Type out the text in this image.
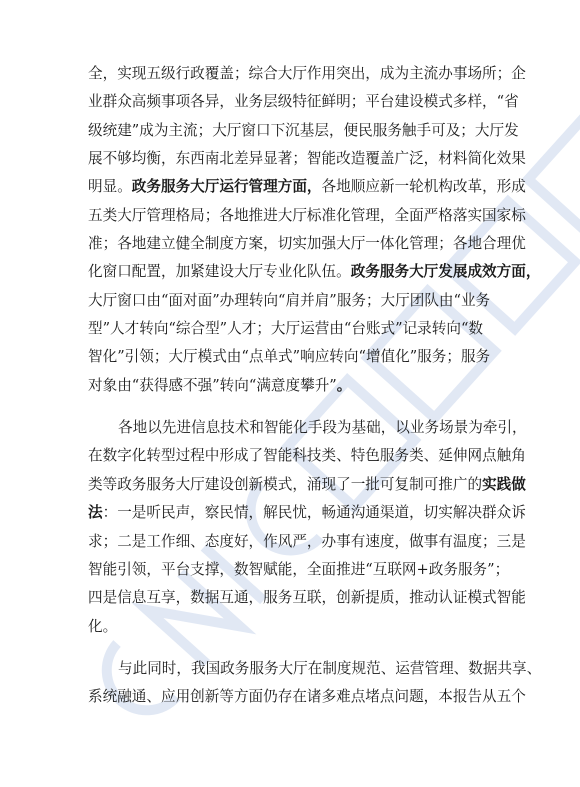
全，实现五级行政覆盖；综合大厅作用突出，成为主流办事场所；企
业群众高频事项各异，业务层级特征鲜明；平台建设模式多样，“省
级统建”成为主流；大厅窗口下沉基层，便民服务触手可及；大厅发
展不够均衡，东西南北差异显著；智能改造覆盖广泛，材料简化效果
明显。 政务服务大厅运行管理方面， 各地顺应新一轮机构改革，形成
五类大厅管理格局；各地推进大厅标准化管理，全面严格落实国家标
准；各地建立健全制度方案，切实加强大厅一体化管理；各地合理优
化窗口配置，加紧建设大厅专业化队伍。 政务服务大厅发展成效方面，
大厅窗口由“面对面”办理转向“肩并肩”服务；大厅团队由“业务
型”人才转向“综合型”人才；大厅运营由“台账式”记录转向“数
智化”引领；大厅模式由“点单式”响应转向“增值化”服务；服务
对象由“获得感不强”转向“满意度攀升” 。
各地以先进信息技术和智能化手段为基础，以业务场景为牵引，
在数字化转型过程中形成了智能科技类、特色服务类、延伸网点触角
类等政务服务大厅建设创新模式，涌现了一批可复制可推广的 实践做
法 ：一是听民声，察民情，解民忧，畅通沟通渠道，切实解决群众诉
求；二是工作细、态度好，作风严，办事有速度，做事有温度；三是
智能引领，平台支撑，数智赋能，全面推进“互联网+政务服务”；
四是信息互享，数据互通，服务互联，创新提质，推动认证模式智能
化。
与此同时，我国政务服务大厅在制度规范、运营管理、数据共享、
系统融通、应用创新等方面仍存在诸多难点堵点问题，本报告从五个
